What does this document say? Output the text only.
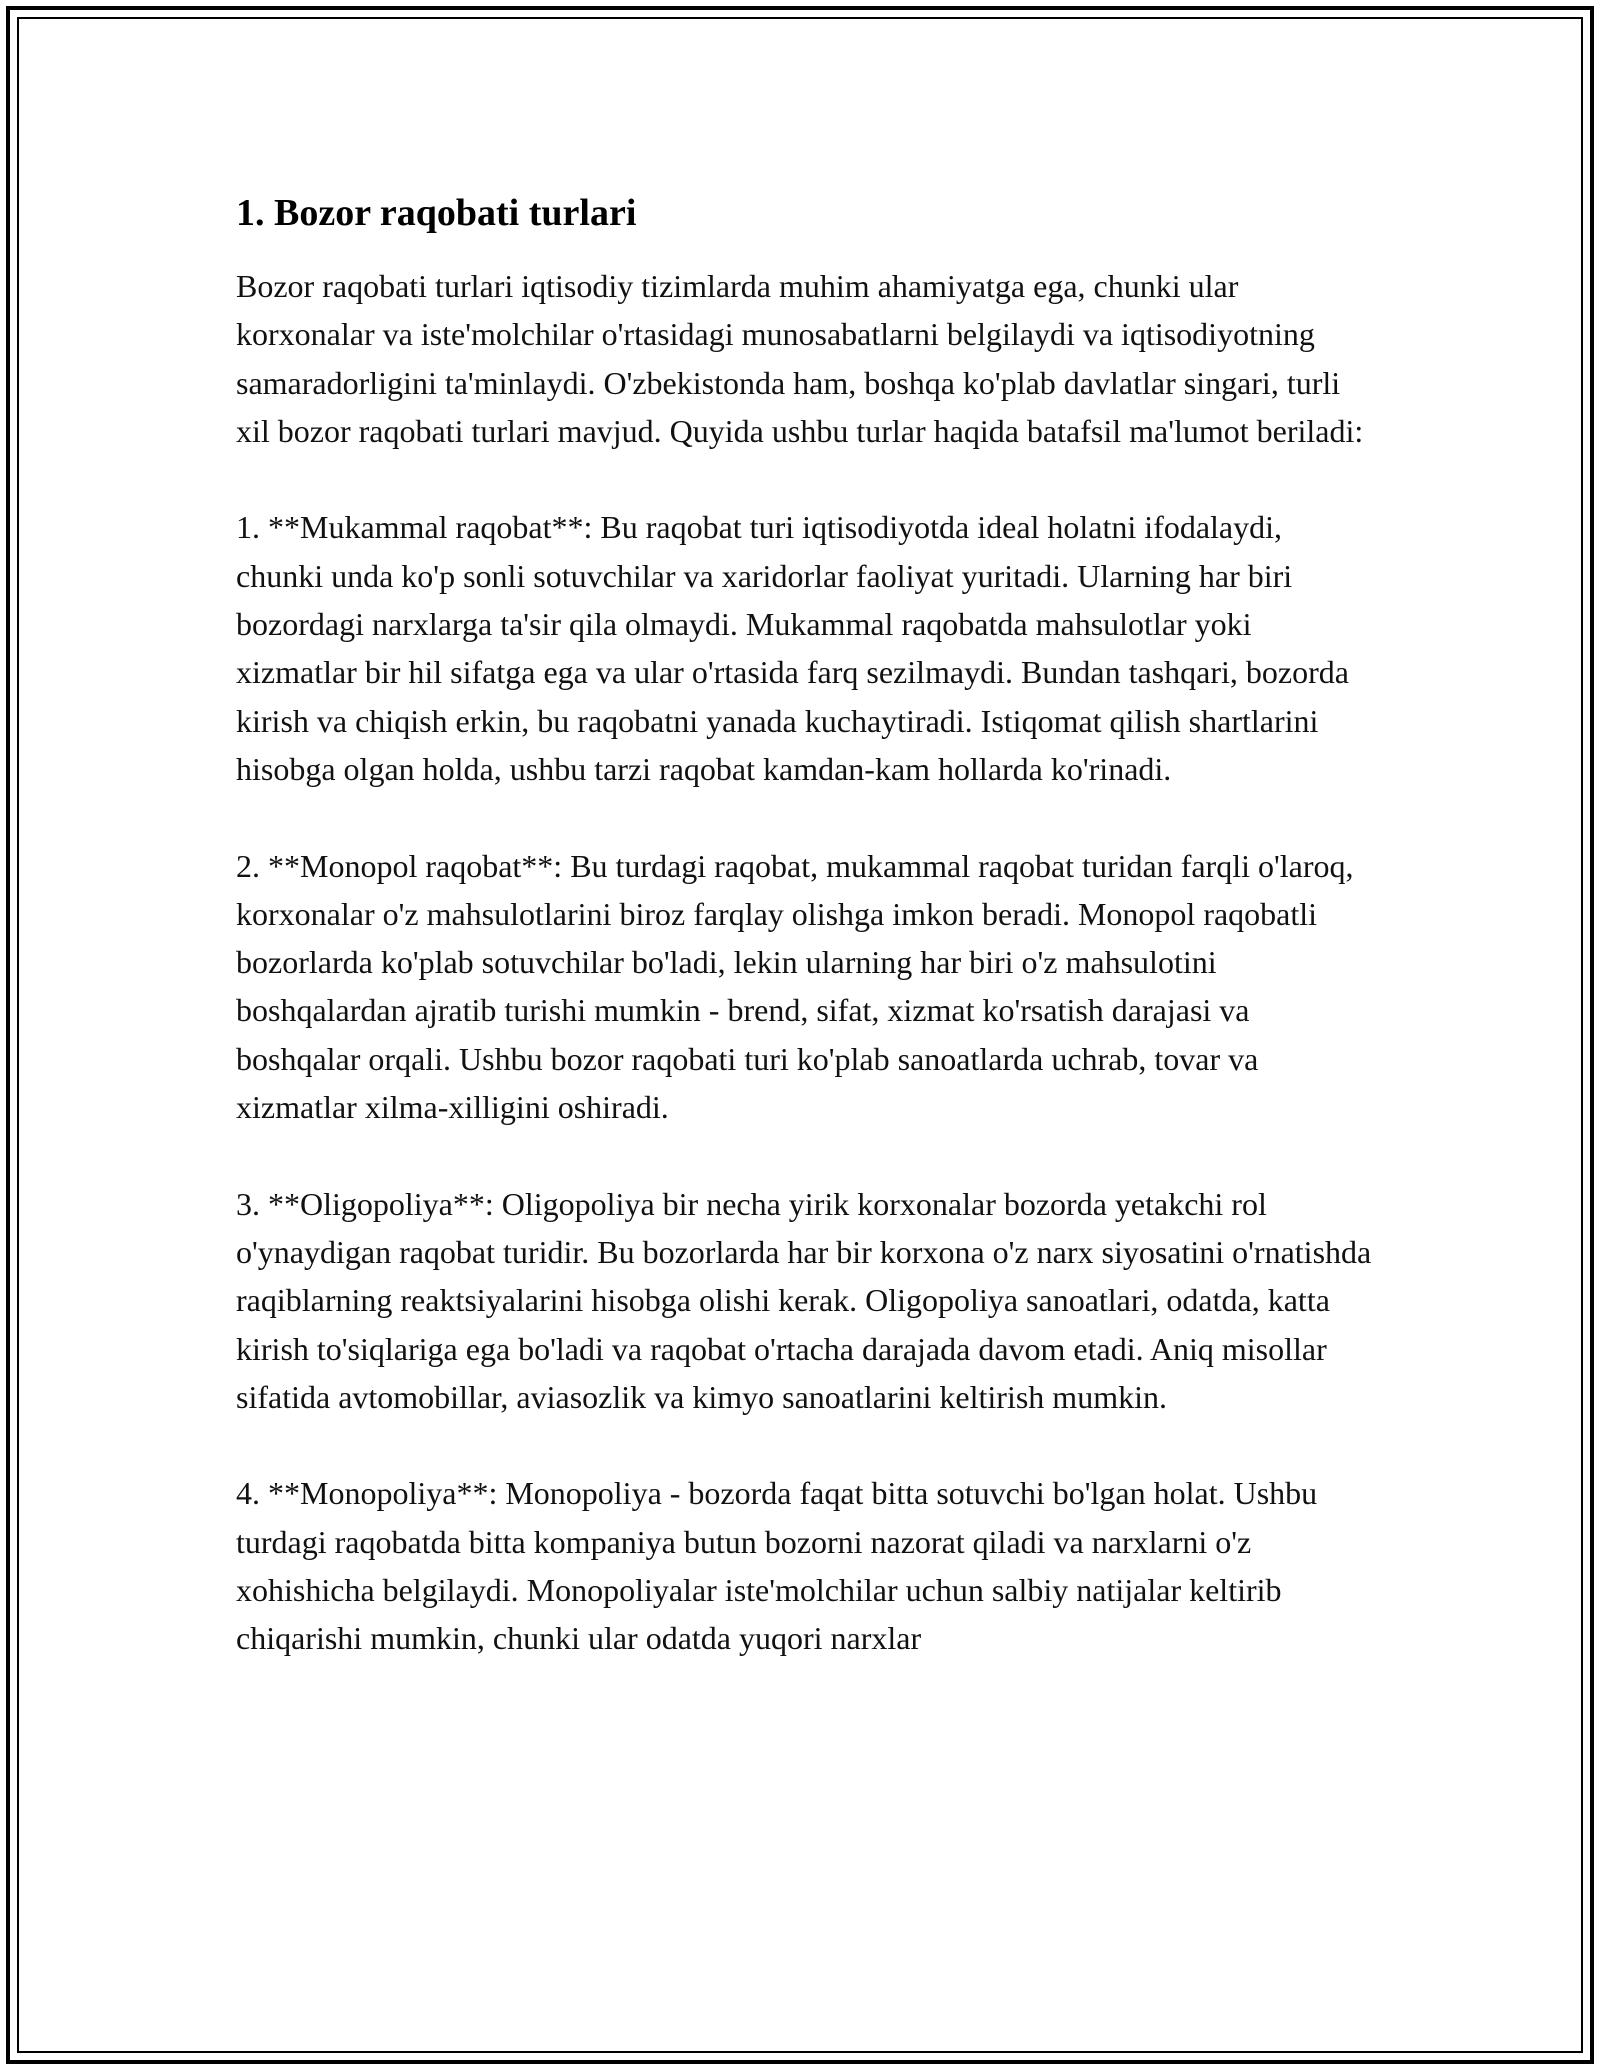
1. Bozor raqobati turlari

Bozor raqobati turlari iqtisodiy tizimlarda muhim ahamiyatga ega, chunki ular korxonalar va iste'molchilar o'rtasidagi munosabatlarni belgilaydi va iqtisodiyotning samaradorligini ta'minlaydi. O'zbekistonda ham, boshqa ko'plab davlatlar singari, turli xil bozor raqobati turlari mavjud. Quyida ushbu turlar haqida batafsil ma'lumot beriladi:

1. **Mukammal raqobat**: Bu raqobat turi iqtisodiyotda ideal holatni ifodalaydi, chunki unda ko'p sonli sotuvchilar va xaridorlar faoliyat yuritadi. Ularning har biri bozordagi narxlarga ta'sir qila olmaydi. Mukammal raqobatda mahsulotlar yoki xizmatlar bir hil sifatga ega va ular o'rtasida farq sezilmaydi. Bundan tashqari, bozorda kirish va chiqish erkin, bu raqobatni yanada kuchaytiradi. Istiqomat qilish shartlarini hisobga olgan holda, ushbu tarzi raqobat kamdan-kam hollarda ko'rinadi.

2. **Monopol raqobat**: Bu turdagi raqobat, mukammal raqobat turidan farqli o'laroq, korxonalar o'z mahsulotlarini biroz farqlay olishga imkon beradi. Monopol raqobatli bozorlarda ko'plab sotuvchilar bo'ladi, lekin ularning har biri o'z mahsulotini boshqalardan ajratib turishi mumkin - brend, sifat, xizmat ko'rsatish darajasi va boshqalar orqali. Ushbu bozor raqobati turi ko'plab sanoatlarda uchrab, tovar va xizmatlar xilma-xilligini oshiradi.

3. **Oligopoliya**: Oligopoliya bir necha yirik korxonalar bozorda yetakchi rol o'ynaydigan raqobat turidir. Bu bozorlarda har bir korxona o'z narx siyosatini o'rnatishda raqiblarning reaktsiyalarini hisobga olishi kerak. Oligopoliya sanoatlari, odatda, katta kirish to'siqlariga ega bo'ladi va raqobat o'rtacha darajada davom etadi. Aniq misollar sifatida avtomobillar, aviasozlik va kimyo sanoatlarini keltirish mumkin.

4. **Monopoliya**: Monopoliya - bozorda faqat bitta sotuvchi bo'lgan holat. Ushbu turdagi raqobatda bitta kompaniya butun bozorni nazorat qiladi va narxlarni o'z xohishicha belgilaydi. Monopoliyalar iste'molchilar uchun salbiy natijalar keltirib chiqarishi mumkin, chunki ular odatda yuqori narxlar
